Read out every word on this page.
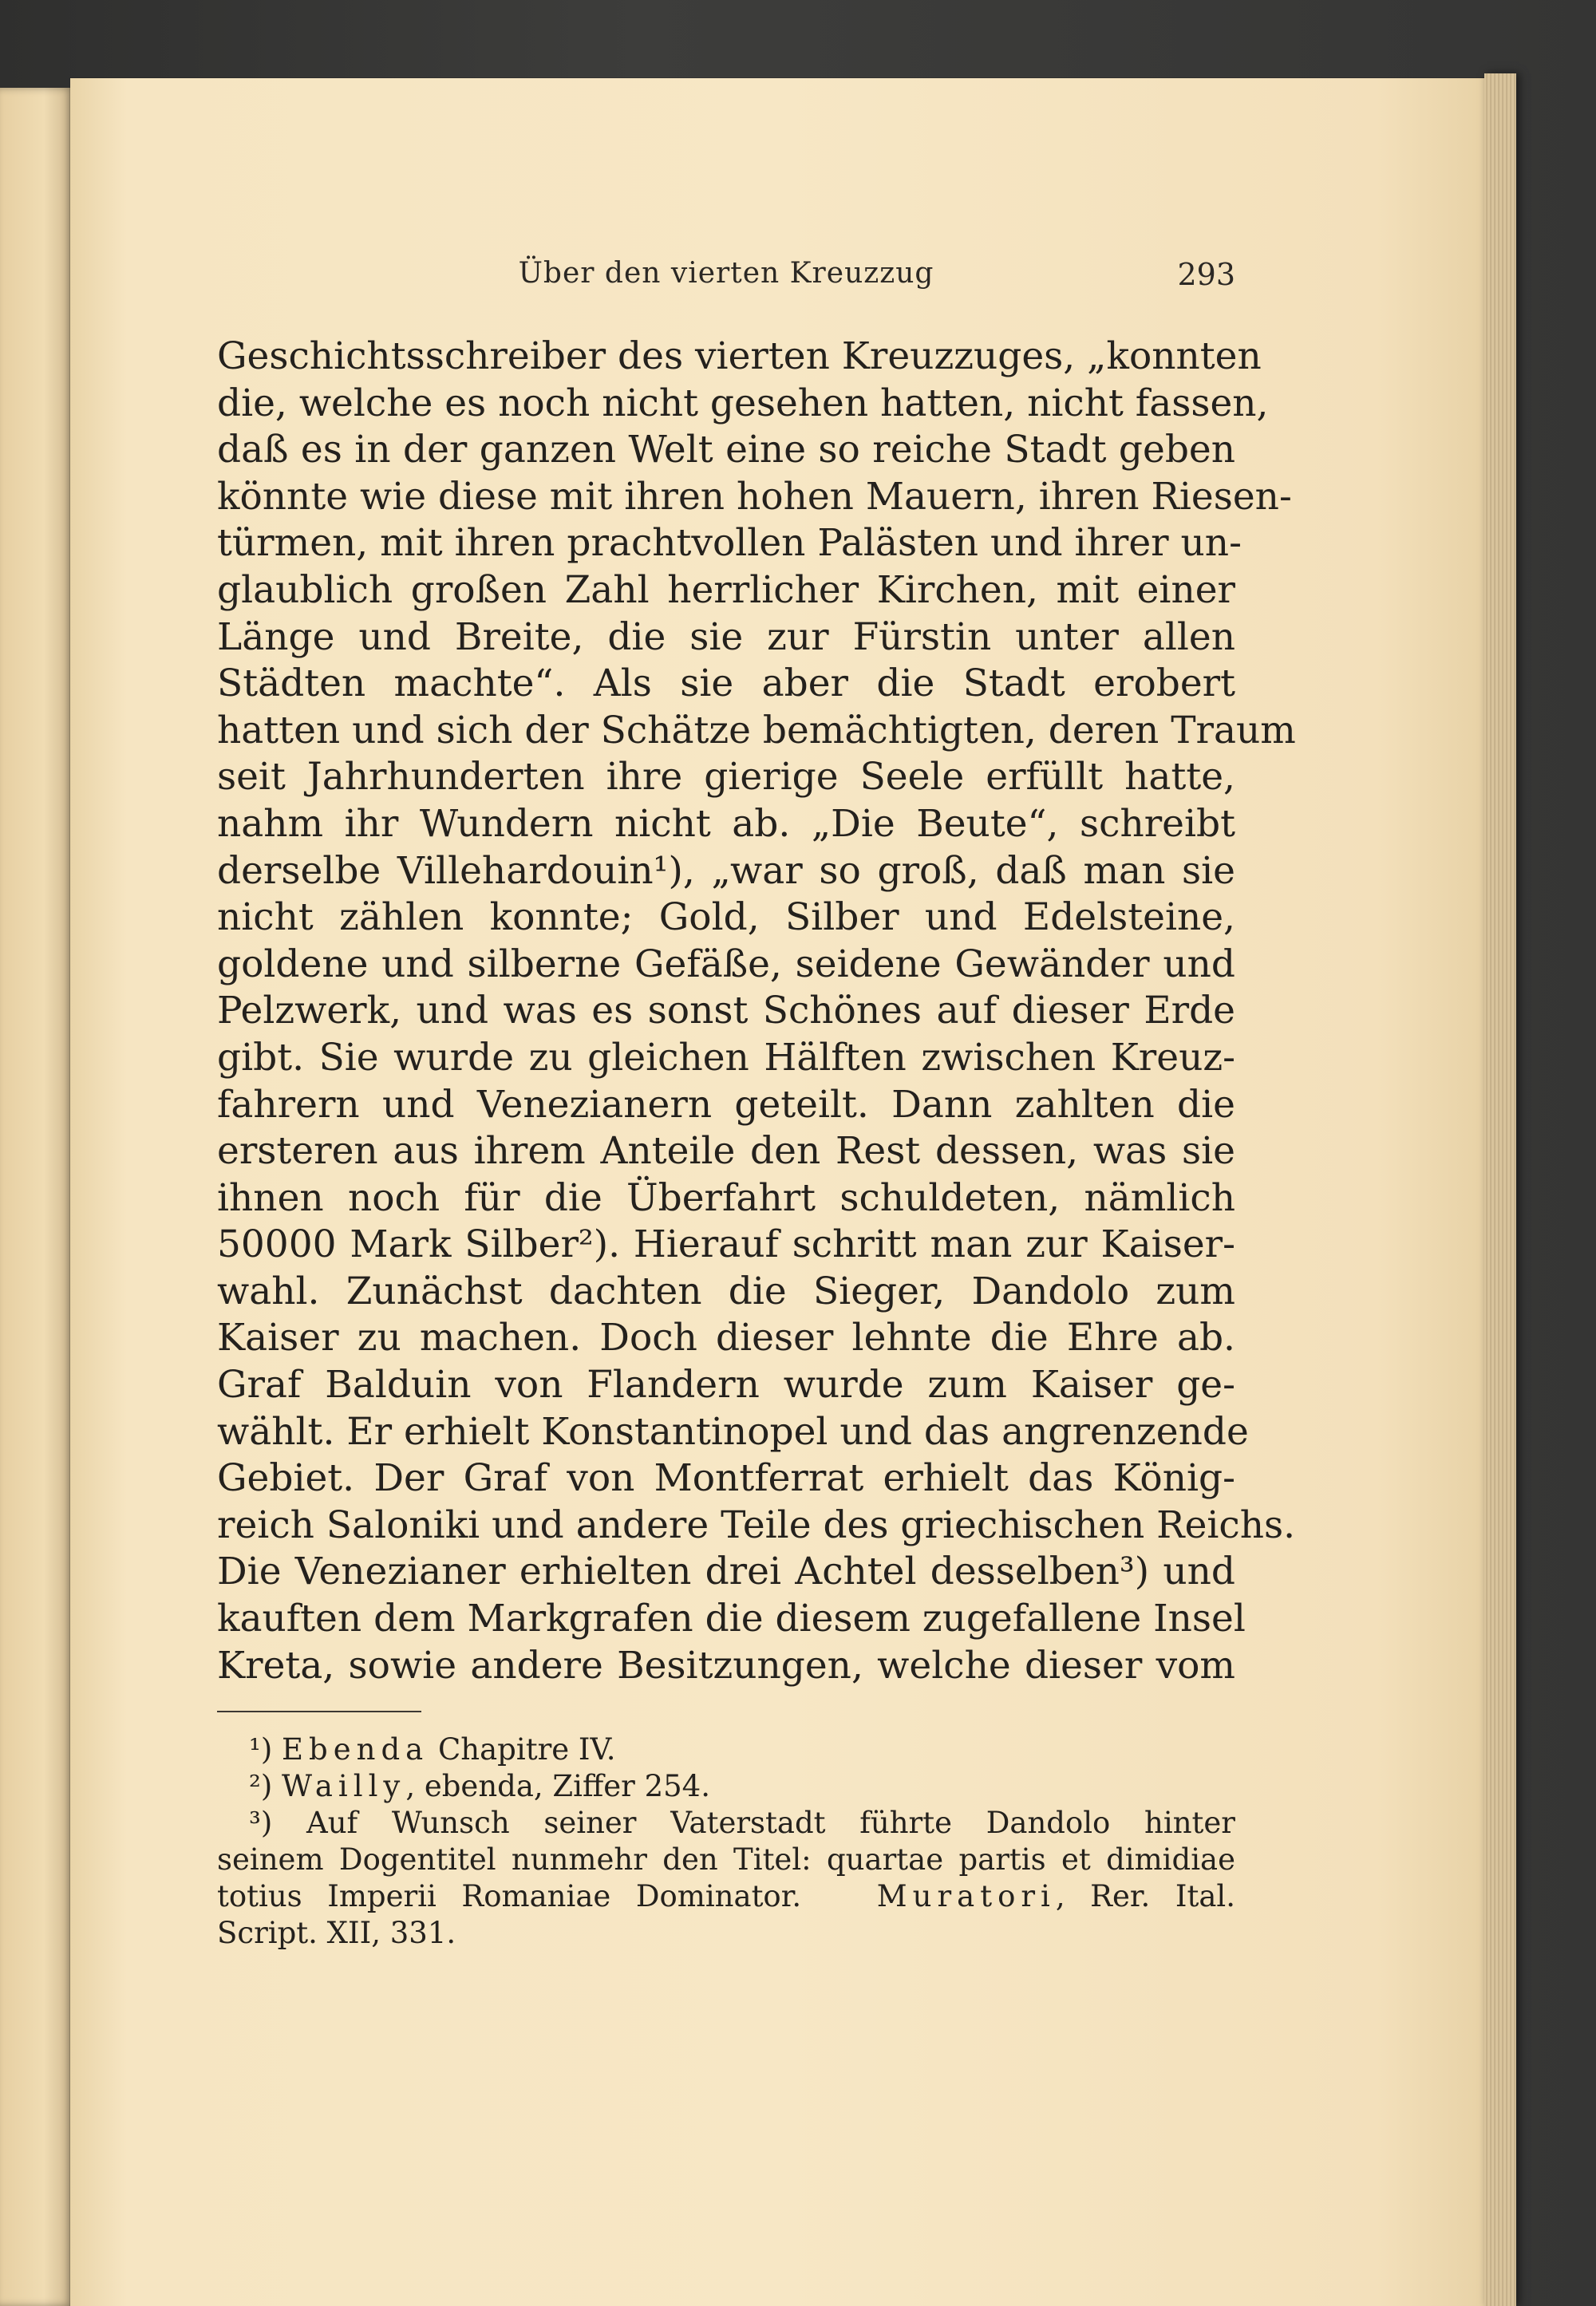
Über den vierten Kreuzzug	293
Geschichtsschreiber des vierten Kreuzzuges, „konnten
die, welche es noch nicht gesehen hatten, nicht fassen,
daß es in der ganzen Welt eine so reiche Stadt geben
könnte wie diese mit ihren hohen Mauern, ihren Riesen-
türmen, mit ihren prachtvollen Palästen und ihrer un-
glaublich großen Zahl herrlicher Kirchen, mit einer
Länge und Breite, die sie zur Fürstin unter allen
Städten machte“. Als sie aber die Stadt erobert
hatten und sich der Schätze bemächtigten, deren Traum
seit Jahrhunderten ihre gierige Seele erfüllt hatte,
nahm ihr Wundern nicht ab. „Die Beute“, schreibt
derselbe Villehardouin¹), „war so groß, daß man sie
nicht zählen konnte; Gold, Silber und Edelsteine,
goldene und silberne Gefäße, seidene Gewänder und
Pelzwerk, und was es sonst Schönes auf dieser Erde
gibt. Sie wurde zu gleichen Hälften zwischen Kreuz-
fahrern und Venezianern geteilt. Dann zahlten die
ersteren aus ihrem Anteile den Rest dessen, was sie
ihnen noch für die Überfahrt schuldeten, nämlich
50000 Mark Silber²). Hierauf schritt man zur Kaiser-
wahl. Zunächst dachten die Sieger, Dandolo zum
Kaiser zu machen. Doch dieser lehnte die Ehre ab.
Graf Balduin von Flandern wurde zum Kaiser ge-
wählt. Er erhielt Konstantinopel und das angrenzende
Gebiet. Der Graf von Montferrat erhielt das König-
reich Saloniki und andere Teile des griechischen Reichs.
Die Venezianer erhielten drei Achtel desselben³) und
kauften dem Markgrafen die diesem zugefallene Insel
Kreta, sowie andere Besitzungen, welche dieser vom
¹) Ebenda Chapitre IV.
²) Wailly, ebenda, Ziffer 254.
³) Auf Wunsch seiner Vaterstadt führte Dandolo hinter
seinem Dogentitel nunmehr den Titel: quartae partis et dimidiae
totius Imperii Romaniae Dominator.	Muratori, Rer. Ital.
Script. XII, 331.
